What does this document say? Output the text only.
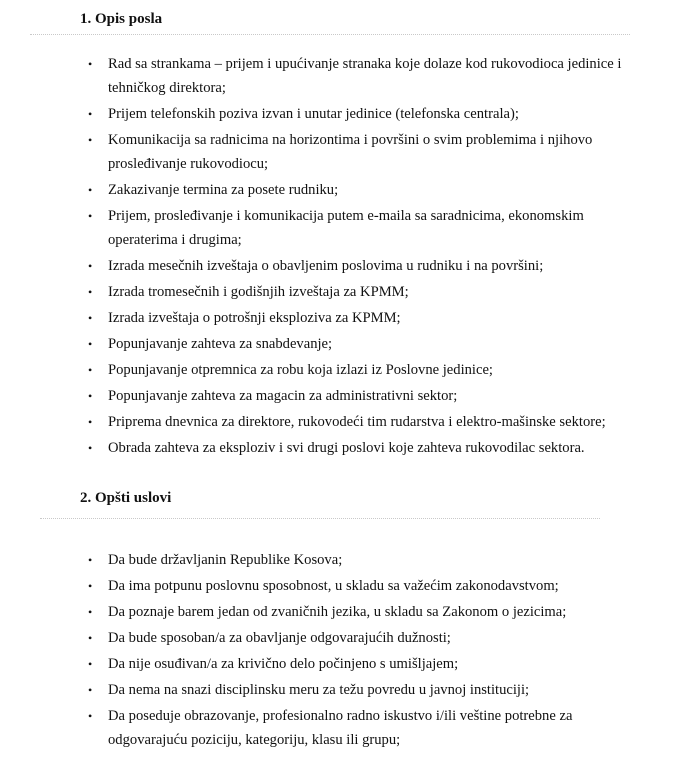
1. Opis posla
• Rad sa strankama – prijem i upućivanje stranaka koje dolaze kod rukovodioca jedinice i tehničkog direktora;
• Prijem telefonskih poziva izvan i unutar jedinice (telefonska centrala);
• Komunikacija sa radnicima na horizontima i površini o svim problemima i njihovo prosleđivanje rukovodiocu;
• Zakazivanje termina za posete rudniku;
• Prijem, prosleđivanje i komunikacija putem e-maila sa saradnicima, ekonomskim operaterima i drugima;
• Izrada mesečnih izveštaja o obavljenim poslovima u rudniku i na površini;
• Izrada tromesečnih i godišnjih izveštaja za KPMM;
• Izrada izveštaja o potrošnji eksploziva za KPMM;
• Popunjavanje zahteva za snabdevanje;
• Popunjavanje otpremnica za robu koja izlazi iz Poslovne jedinice;
• Popunjavanje zahteva za magacin za administrativni sektor;
• Priprema dnevnica za direktore, rukovodeći tim rudarstva i elektro-mašinske sektore;
• Obrada zahteva za eksploziv i svi drugi poslovi koje zahteva rukovodilac sektora.
2. Opšti uslovi
• Da bude državljanin Republike Kosova;
• Da ima potpunu poslovnu sposobnost, u skladu sa važećim zakonodavstvom;
• Da poznaje barem jedan od zvaničnih jezika, u skladu sa Zakonom o jezicima;
• Da bude sposoban/a za obavljanje odgovarajućih dužnosti;
• Da nije osuđivan/a za krivično delo počinjeno s umišljajem;
• Da nema na snazi disciplinsku meru za težu povredu u javnoj instituciji;
• Da poseduje obrazovanje, profesionalno radno iskustvo i/ili veštine potrebne za odgovarajuću poziciju, kategoriju, klasu ili grupu;
